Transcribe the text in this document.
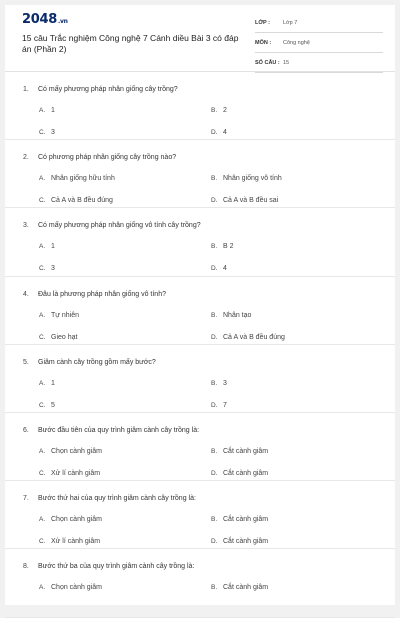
2048.vn
15 câu Trắc nghiệm Công nghệ 7 Cánh diều Bài 3 có đáp án (Phần 2)
LỚP : Lớp 7
MÔN : Công nghệ
SỐ CÂU : 15
1. Có mấy phương pháp nhân giống cây trồng?
A. 1	B. 2
C. 3	D. 4
2. Có phương pháp nhân giống cây trồng nào?
A. Nhân giống hữu tính	B. Nhân giống vô tính
C. Cả A và B đều đúng	D. Cả A và B đều sai
3. Có mấy phương pháp nhân giống vô tính cây trồng?
A. 1	B. B 2
C. 3	D. 4
4. Đâu là phương pháp nhân giống vô tính?
A. Tự nhiên	B. Nhân tạo
C. Gieo hạt	D. Cả A và B đều đúng
5. Giâm cành cây trồng gồm mấy bước?
A. 1	B. 3
C. 5	D. 7
6. Bước đầu tiên của quy trình giâm cành cây trồng là:
A. Chọn cành giâm	B. Cắt cành giâm
C. Xử lí cành giâm	D. Cắt cành giâm
7. Bước thứ hai của quy trình giâm cành cây trồng là:
A. Chọn cành giâm	B. Cắt cành giâm
C. Xử lí cành giâm	D. Cắt cành giâm
8. Bước thứ ba của quy trình giâm cành cây trồng là:
A. Chọn cành giâm	B. Cắt cành giâm
